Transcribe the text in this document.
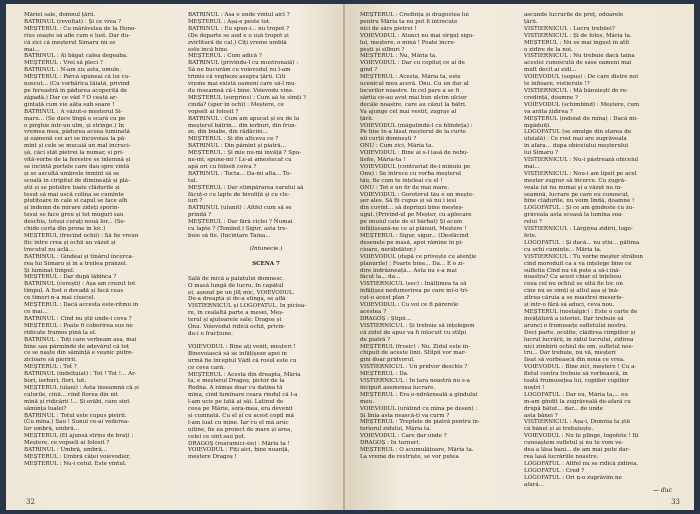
Măriei sale, domnul țării.
BĂTRÎNUL (revoltat) : Și ce vrea ?
MEȘTERUL : Cu mărăvelea de la Hono-
rius osaște să afle cum e lust. Dar du-
că zici că meșterul Simaru nu se
mai...
BĂTRÎNUL : Ai băgat calea degeaba.
MEȘTERUL : Vrei să pleci ?
BĂTRÎNUL : N-am zis asta, omule.
MEȘTERUL : Parcă spuneai că lui cu-
noscut... (Cu vorbărica tăiată, privind
pe fereastră în pădurea acoperită de
zăpadă.) Dar ce văd ? O ceată ar-
gintată cum vie aăta sub soare !
BĂTRÎNUL : A văzut-o meșterul Si-
maru... (Se duce lîngă o scară cu pe
o pîrghie într-un ulm, și strînge.) În
vremea mea, pădurea aceea luminată
și oamenii cei ari se încovoiau la pă-
mînt și cele se mucaiă un mal încruci-
șă, căci stăt pietrei la numar, si pri-
vită-vorbe de la ferestre se înlemnă și
se încîntă portele care dau spre vîntă
și se ascultă umbrele înmînt să se
scoală în ciripitul de dimineață și plă-
știi și se potolire toate clădurile și
tesut să mai uscă colina se cuminte
plutitoare în cale si capul se face alb
și îndemn de mirare zideți sporin-
tesui se face greu și tot muguri sau
deschis, totuși curați nouă lor... (Se-
chide certa din prone în loc.)
MEȘTERUL (frecînd ochii) : Să fie vreun
fiic între crea și ochii au văzut și
trecutul nu aclă...
BĂTRÎNUL : Gîndeai și tînărul încerca-
rea lui Simaru și în a treilea prânzel.
Și luminat timpul.
MEȘTERUL : Dar după lăbînca ?
BĂTRÎNUL (cerești) : Așa am crezut tot
timpul. A fost o dovadă și facă ceas
ce timeri n-a mai ciuecel.
MEȘTERUL : Dacă accesta este-ritmu în
ce mai...
BĂTRÎNUL : Cînd nu știi unde-i ceva ?
MEȘTERUL : Poate fi coborîrea sus ne
ridicate frumos pînă la el.
BĂTRÎNUL : Toți care verbeam asa, mai
bine sau părmînde de adevărul că tot
ce se naște din sămînță e veșnic putre-
zicioare să pieririi.
MEȘTERUL : Tot ?
BĂTRÎNUL (îndeltuiat) : Tot ! Tot !... Ar-
bori, ierburi, flori, tot.
MEȘTERUL (ulani) : Asta înseamnă că și
culorile, cînii... cînd florea din nit
mînă și ridicării !... Și orăbi, care sînt
sămînța lualei?
BĂTRÎNUL : Totul este cupus pieirii.
(Cu mîna.) Sau ! Sunui ce-ai vederea-
lor umbră, umbră...
MEȘTERUL (El ajunsă strîns de braț) :
Meștere, ce vopseli ai folosit ?
BĂTRÎNUL : Umbră, umbră...
MEȘTERUL : Umbră căței voievodier,
MEȘTERUL : Nu-i cetul. Este vîntul.
BĂTRÎNUL : Asa e unde vîntul aici ?
MEȘTERUL : Așa-e peste tot.
BĂTRÎNUL : Eu spun-i... nu tropot ?
(De departe se aud e o ușă tropot și
zvîrlitură de cal.) Cîți vreme umblă
este încă bine.
MEȘTERUL : Cum adică ?
BĂTRÎNUL (privindu-l cu mustronaiă) :
Să ne bucurăm cu voievodul nu l-am
trimis că vegheze asupra țării. Cîti
vreme mai există oameni care să-l mu-
du înseamnă că-i bine. Voievodu vine.
MEȘTERUL (surprins) : Cum aă te simți ?
cînda? (sper în ochi) : Meștere, ce
vopseli ai folosit ?
BĂTRÎNUL : Cum am apucat și eu de la
meșterul bătrîn... din ierburi, din frun-
ze, din boabe, din rădăcini...
MEȘTERUL : Și din altceva ce ?
BĂTRÎNUL : Din pămînt și piatră...
MEȘTERUL : Și mie nu-mi învăță ? Spu-
ne-mi, spune-mi ! Le-ai amestecat cu
apă ori cu folosit ceiva ?
BĂTRÎNUL : Tocta... Da-mi alta... To-
tul.
MEȘTERUL : Dar stimpărarea varului aă
făcut-o cu lapte de bivoliță și cu cle-
iuri ?
BĂTRÎNUL (ulunit) : Altfel cum să se
prindă ?
MEȘTERUL : Dar fără ciclei ? Numai
cu lapte ? (Tomind.) Sigur, asta tre-
buie să fie. (Încîntare Taina...
(Întunecîe.)
SCENA 7
Sală de mică a palatului domnesc.
O masă lungă de lucru. În capătul
ei, așezat pe un jilț mic, VOIEVODUL.
De-a dreapta și de-a stînga, se află
VISTIERNICUL și LOGOFĂTUL. În picioa-
re, în cealaltă parte a mesei, Meș-
terul și ajutoarele sale: Dragoș și
Onu. Voievodul ridică ochii, privin-
du-i o fracțiune.
VOIEVODUL : Bine ați venit, meșteri !
Binevoiască să se înfățișeze apoi în
urmă fie începtul Vădi că rosul este cu
ce ceva cară.
MEȘTERUL : Acesta din dreapta, Măria
ta, e meșterul Dragoș, pictor de la
Rodna. A rămas doar cu datina tă
mîna, cînd lumînare ceara rîndul că l-a
l-am ucis pe tată ai săi. Latinul de
ceea pe Mărie, sora-mea, era devenit
și cumnată. Cu el și cu acest copil mă
l-am luat cu mine. Iar cu el mă aruc
uitîne, fie ea proiect de mare și area,
celei ce sînt sau pot.
DRAGOȘ (rearamici-sîe) : Măria ta !
VOIEVODUL : Fiți aici, bine nuanță,
meștere Dragoș !
32
MEȘTERUL : Credința și dragostea lui
pentru Măria ta nu pot fi întrecute
nici de sărs pietrei !
VOIEVODUL : Atunci nu mai sîrguț sigu-
lui, meștere, o mînă ! Poate încre-
pești și sîlburi ?
MEȘTERUL : Nu, Măria ta.
VOIEVODUL : Dar cu copiluț ce ai de
gînd ?
MEȘTERUL : Acesta, Măria ta, este
ucenicul meu aceră. Onu. Cu un dar al
locurilor noastre. În cel pare a se fi
sărita ce-au avut mai bun ulcim ulcior
decăle noastre, care au căzut la bătrî.
Va ajunge cel mai vestit, zugrav al
țării.
VOIEVODUL (măgulindu-l cu blîndeța) :
Pe tine te-a lăsat meșterul de la curte
nii curții domnești ?
ONU : Cum zici, Măria ta.
VOIEVODUL : Bine ai s-l iasă de nebu-
lisite, Măria-ta !
VOIEVODUL (contrariat de-i mînuiu pe
Onu) : Se întrece cu vorba meșterul
tău, fie cum te înțeleai cu el !
ONU : Tot e un fir de mai mare.
VOIEVODUL : Gorotorul tău e un mește-
șer ales. Să fii cupus și să nu i iesi
din cuvînt... să deprinzi bine meșteș-
ugul. (Privind-ul pe Meșter, cu aplecare
pe onuiul cate de el bărbat) Și acum
înfățișează-ne ce ai plănuit, Meștere !
MEȘTERUL : Sigur, sigur... (Desfăcînd
desenele pe masă, apoi rămîne în pi-
cioare, nerăbdător.)
VOIEVODUL (după ce privește cu atenție
planurile) : Foarte bine... Da... E o zi-
dire îndrăzneață... Asta nu s-a mai
făcut la... da...
VISTIERNICUL (sec) : Înălțimea ta să
înfățișez nedumerirea pe care mi-o tri-
cut-o acest plan ?
VOIEVODUL : Cu voi ce fi părerele
acestea ?
DRAGOȘ : Știpii...
VISTIERNICUL : Și trebuie să înțelegem
că zidul de apus va fi înlocuit cu stîlpi
de piatră ?
MEȘTERUL (frosic) : Nu. Zidul este în-
chipuit de aceste linii. Stîlpii vor mar-
gini doar pridvorul.
VISTIERNICUL : Un pridvor deschis ?
MEȘTERUL : Da.
VISTIERNICUL : În țara noastră nu s-a
încipuit asemenea lucrare.
MEȘTERUL : Era o-ndrăzneală a gîndului
meu.
VOIEVODUL (urătînd cu mîna pe desen) :
Și linia asta nească-ți va curm ?
MEȘTERUL : Treptele de piatră pentru în-
teriorul zidului, Măria ta.
VOIEVODUL : Care dar unde ?
DRAGOȘ : În turnuri.
MEȘTERUL : O acumulătoare, Măria ta.
La vreme de restrîște, se vor putea
ascunde lucrurile de preț, odoarele
țării.
VISTIERNICUL : Lucru trebiiei?
VISTIERNICUL : Și de folos, Măria ta.
MEȘTERUL : Nu se mai îngust în atît
o zidire de la noi.
VISTIERNICUL : Nu trebuie dacă taina
acestei cunoscută de sase oameni mai
mult decît ai zidi...
VOIEVODUL (sopus) : De care distre noi
te înfioare, vistierule !?
VISTIERNICUL : Mă bănuiești de re-
credință, doamne ?
VOIEVODUL (schimbînd) : Meștere, cum
va arăta zidirea ?
MEȘTERUL (îndoiat de mîna) : Dacă mi-
îngăduiți.
LOGOFĂTUL (se smulge din starea de
uluială) : Ce rost mai are zugrăveala
în afara... dupa obiceiului meșterului
lui Simaru ?
VISTIERNICUL : Nu-i păstrează obiceiul
mai...
VISTIERNICUL : Nou-i am lipsit pe acel
meșter zugrav să încerce. Cu zugră-
veala lui nu numai și a văzut nu în-
seamnă, lucrare pe care eu cunoscut,
bine clădurile, nu voim lîndă, doamne !
LOGOFĂTUL : Și ce am gîndeste cu zu-
grăveala asta scoasă la lumina soa-
relui ?
VISTIERNICUL : Lărgirea zidirii, logo-
fete.
LOGOFĂTUL : Și dacă... nu știu... pătima
cu ochi cuminte... Măria ta.
VISTIERNICUL : Tu vorbe meșter străbun
cînd moroduit ca a va înțelege bine ce
sufletiu Cînd nu vă pute a să-i înă-
noastra? Cu acest chiar el înțelesu
ceea cel nu ochiul se uită fie loc un
cine nu se simți și altul așa și înă-
zitrea căruia a se noastrei meserie-
și într-o fără să aduci, ceva nou.
MEȘTERUL (nostalgic) : Este o carte de
învățătură a istoriei. Dar trebuie să
arunci o frumusețe sufletului nostru.
Deci parte, ocolite, clădirea cîmpiilor și
lucrul lucrării, în zidul lucrului, zidirea
nici zîmbirii ochiul de om, sufletul nos-
tru... Dar trebuie, nu vă, meșteri
Iisat să vorbească din noua ce vrea.
VOIEVODUL : Bine zici, meștere ! Cu a-
fletul contra trebuie să vorbească, în
toată frumusețea lui, copiilor copiilor
noștri !
LOGOFĂTUL : Dar eu, Măria ta,... eu
m-am gîndit la zugrăveală de-afară cu
drupă bătut... dar... de unde
asta bănei ?
VISTIERNICUL : Așa-i, Domnia ta știi
câ bănei și ai trebuiește.
VOIEVODUL : Nu te plînge, logofete ! Iți
cunoaștem sufletul și nu te vom ve-
dea a lăsa bani... de am mai pute dar-
rea lasă lucrăriile noastre.
LOGOFĂTUL : Altfel nu se ridică zidirea.
LOGOFĂTUL : Cred ?
LOGOFĂTUL : Ori n-o zugrăvim ne
afară...
— duc
33
